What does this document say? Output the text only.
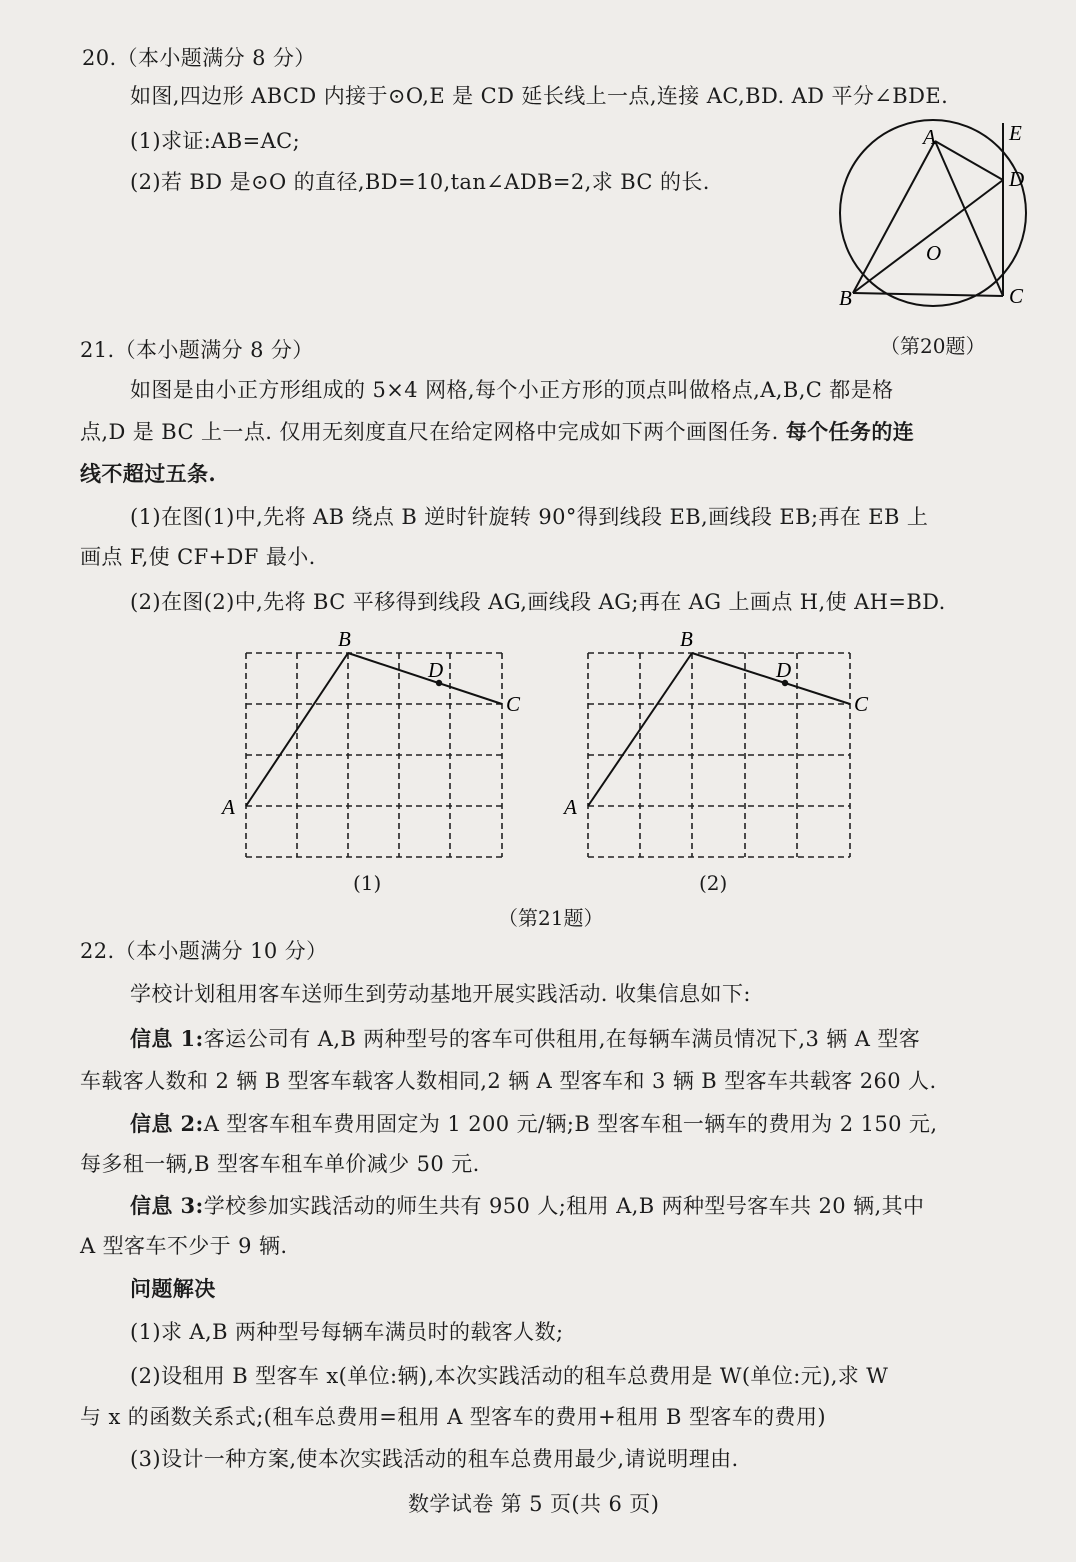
20.（本小题满分 8 分）
如图,四边形 ABCD 内接于⊙O,E 是 CD 延长线上一点,连接 AC,BD. AD 平分∠BDE.
(1)求证:AB=AC;
(2)若 BD 是⊙O 的直径,BD=10,tan∠ADB=2,求 BC 的长.
A
B	C
D
E
O
（第20题）
21.（本小题满分 8 分）
如图是由小正方形组成的 5×4 网格,每个小正方形的顶点叫做格点,A,B,C 都是格
点,D 是 BC 上一点. 仅用无刻度直尺在给定网格中完成如下两个画图任务. 每个任务的连
线不超过五条.
(1)在图(1)中,先将 AB 绕点 B 逆时针旋转 90°得到线段 EB,画线段 EB;再在 EB 上
画点 F,使 CF+DF 最小.
(2)在图(2)中,先将 BC 平移得到线段 AG,画线段 AG;再在 AG 上画点 H,使 AH=BD.
B
A
C
D
(1)
B
A
C
D
(2)
（第21题）
22.（本小题满分 10 分）
学校计划租用客车送师生到劳动基地开展实践活动. 收集信息如下:
信息 1:客运公司有 A,B 两种型号的客车可供租用,在每辆车满员情况下,3 辆 A 型客
车载客人数和 2 辆 B 型客车载客人数相同,2 辆 A 型客车和 3 辆 B 型客车共载客 260 人.
信息 2:A 型客车租车费用固定为 1 200 元/辆;B 型客车租一辆车的费用为 2 150 元,
每多租一辆,B 型客车租车单价减少 50 元.
信息 3:学校参加实践活动的师生共有 950 人;租用 A,B 两种型号客车共 20 辆,其中
A 型客车不少于 9 辆.
问题解决
(1)求 A,B 两种型号每辆车满员时的载客人数;
(2)设租用 B 型客车 x(单位:辆),本次实践活动的租车总费用是 W(单位:元),求 W
与 x 的函数关系式;(租车总费用=租用 A 型客车的费用+租用 B 型客车的费用)
(3)设计一种方案,使本次实践活动的租车总费用最少,请说明理由.
数学试卷 第 5 页(共 6 页)
